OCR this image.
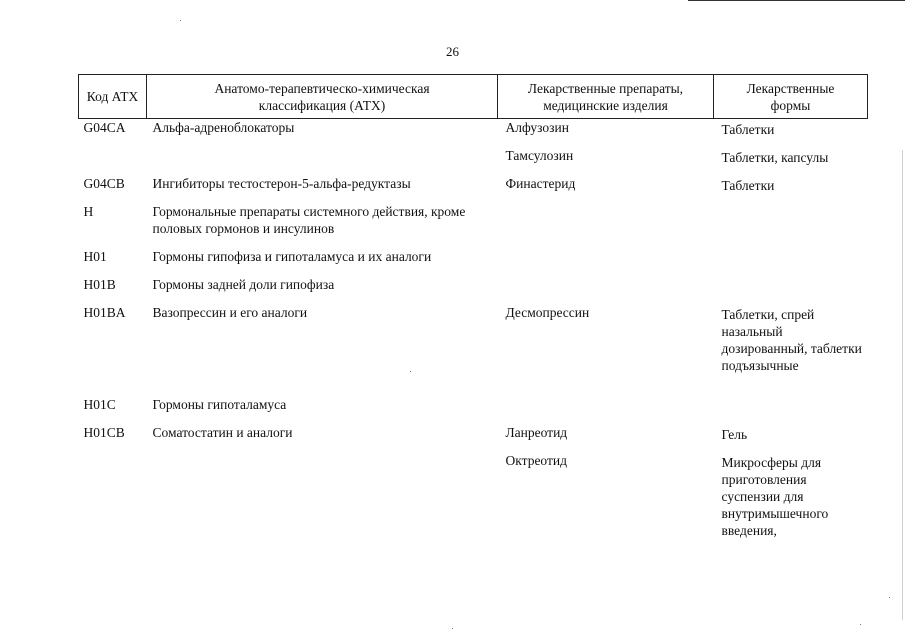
26
Код АТХ	Анатомо-терапевтическо-химическая классификация (АТХ)	Лекарственные препараты, медицинские изделия	Лекарственные формы
G04CA	Альфа-адреноблокаторы	Алфузозин	Таблетки
		Тамсулозин	Таблетки, капсулы
G04CB	Ингибиторы тестостерон-5-альфа-редуктазы	Финастерид	Таблетки
H	Гормональные препараты системного действия, кроме половых гормонов и инсулинов		
H01	Гормоны гипофиза и гипоталамуса и их аналоги		
H01B	Гормоны задней доли гипофиза		
H01BA	Вазопрессин и его аналоги	Десмопрессин	Таблетки, спрей назальный дозированный, таблетки подъязычные
H01C	Гормоны гипоталамуса		
H01CB	Соматостатин и аналоги	Ланреотид	Гель
		Октреотид	Микросферы для приготовления суспензии для внутримышечного введения,
